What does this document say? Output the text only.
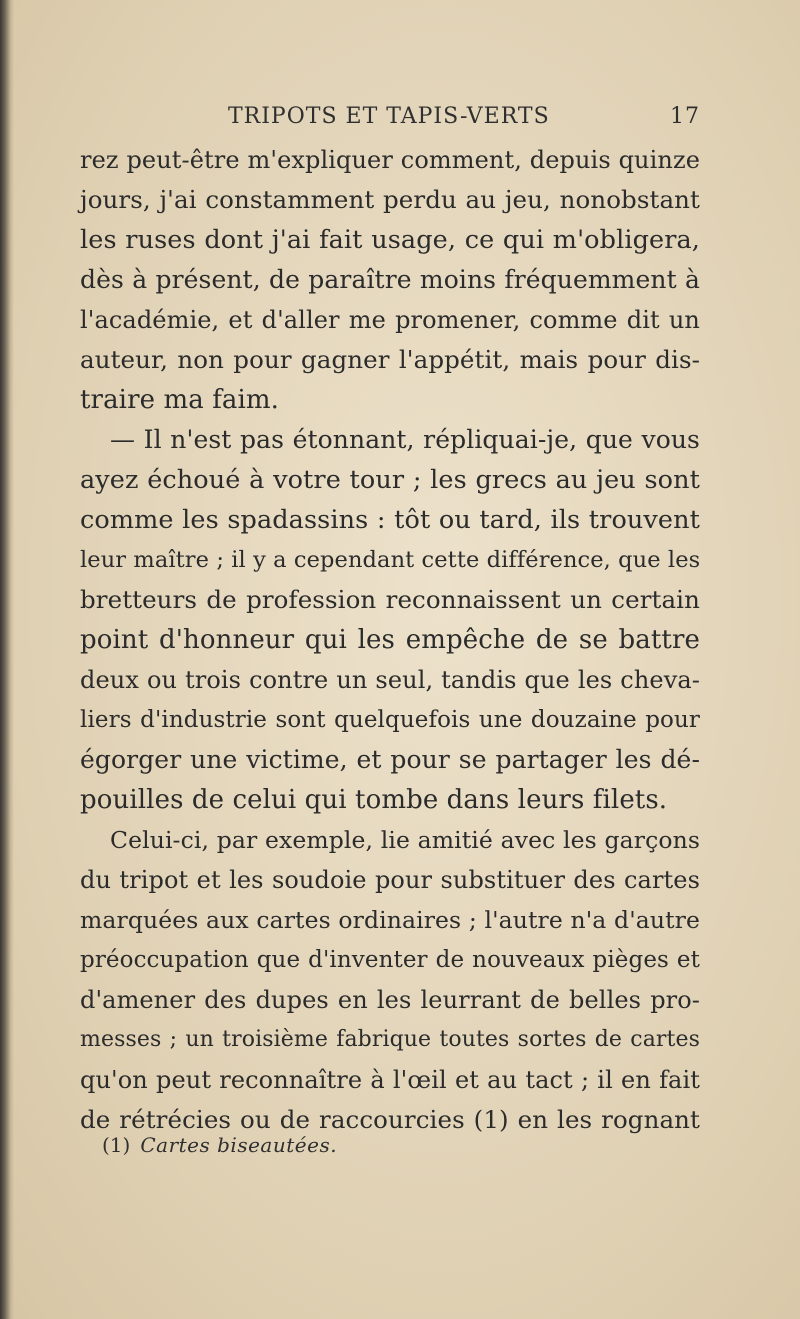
TRIPOTS ET TAPIS-VERTS	17
rez peut-être m'expliquer comment, depuis quinze
jours, j'ai constamment perdu au jeu, nonobstant
les ruses dont j'ai fait usage, ce qui m'obligera,
dès à présent, de paraître moins fréquemment à
l'académie, et d'aller me promener, comme dit un
auteur, non pour gagner l'appétit, mais pour dis-
traire ma faim.
— Il n'est pas étonnant, répliquai-je, que vous
ayez échoué à votre tour ; les grecs au jeu sont
comme les spadassins : tôt ou tard, ils trouvent
leur maître ; il y a cependant cette différence, que les
bretteurs de profession reconnaissent un certain
point d'honneur qui les empêche de se battre
deux ou trois contre un seul, tandis que les cheva-
liers d'industrie sont quelquefois une douzaine pour
égorger une victime, et pour se partager les dé-
pouilles de celui qui tombe dans leurs filets.
Celui-ci, par exemple, lie amitié avec les garçons
du tripot et les soudoie pour substituer des cartes
marquées aux cartes ordinaires ; l'autre n'a d'autre
préoccupation que d'inventer de nouveaux pièges et
d'amener des dupes en les leurrant de belles pro-
messes ; un troisième fabrique toutes sortes de cartes
qu'on peut reconnaître à l'œil et au tact ; il en fait
de rétrécies ou de raccourcies (1) en les rognant
(1) Cartes biseautées.
